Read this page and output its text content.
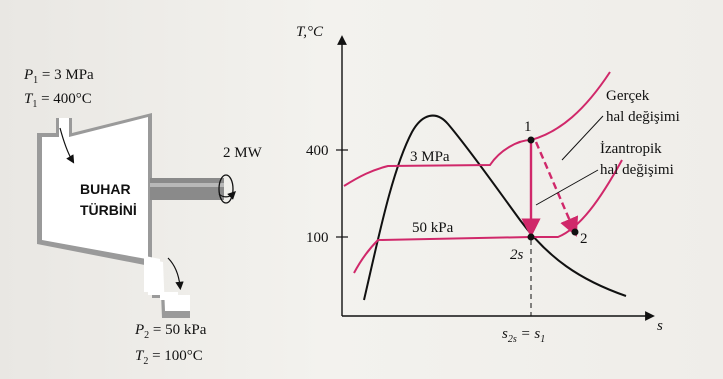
$P_1 = 3$ MPa
$T_1 = 400^\circ C$
BUHAR
TÜRBİNİ
2 MW
$P_2 = 50$ kPa
$T_2 = 100^\circ C$
T,°C
s
400
100
3 MPa
50 kPa
1
2s
2
$s_{2s} = s_1$
Gerçek
hal değişimi
İzantropik
hal değişimi
